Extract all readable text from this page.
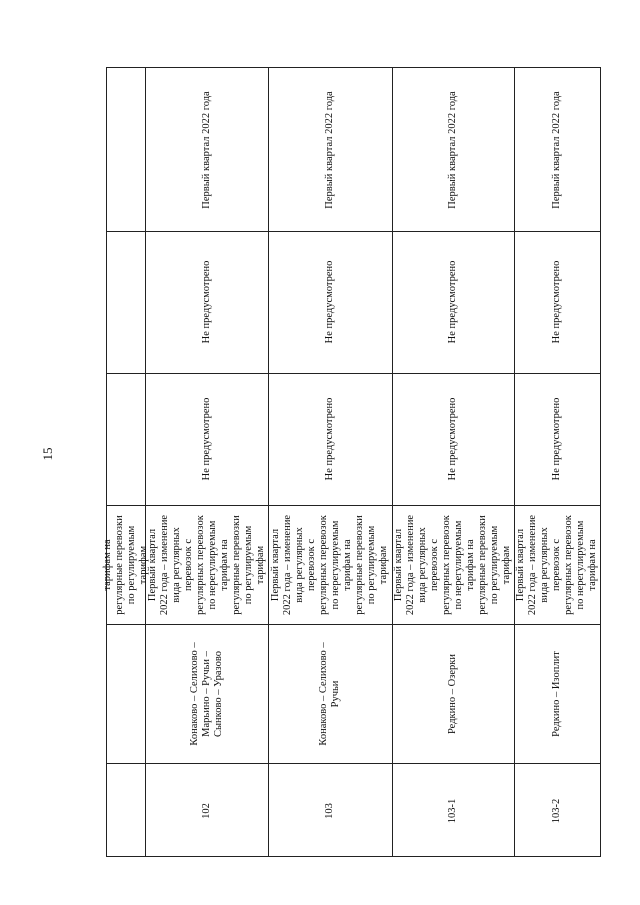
15
тарифам на
регулярные перевозки
по регулируемым
тарифам
102
Конаково – Селихово –
Марьино – Ручьи –
Сынково – Уразово
Первый квартал
2022 года – изменение
вида регулярных
перевозок с
регулярных перевозок
по нерегулируемым
тарифам на
регулярные перевозки
по регулируемым
тарифам
Не предусмотрено
Не предусмотрено
Первый квартал 2022 года
103
Конаково – Селихово –
Ручьи
Первый квартал
2022 года – изменение
вида регулярных
перевозок с
регулярных перевозок
по нерегулируемым
тарифам на
регулярные перевозки
по регулируемым
тарифам
Не предусмотрено
Не предусмотрено
Первый квартал 2022 года
103-1
Редкино – Озерки
Первый квартал
2022 года – изменение
вида регулярных
перевозок с
регулярных перевозок
по нерегулируемым
тарифам на
регулярные перевозки
по регулируемым
тарифам
Не предусмотрено
Не предусмотрено
Первый квартал 2022 года
103-2
Редкино – Изоплит
Первый квартал
2022 года – изменение
вида регулярных
перевозок с
регулярных перевозок
по нерегулируемым
тарифам на
Не предусмотрено
Не предусмотрено
Первый квартал 2022 года
